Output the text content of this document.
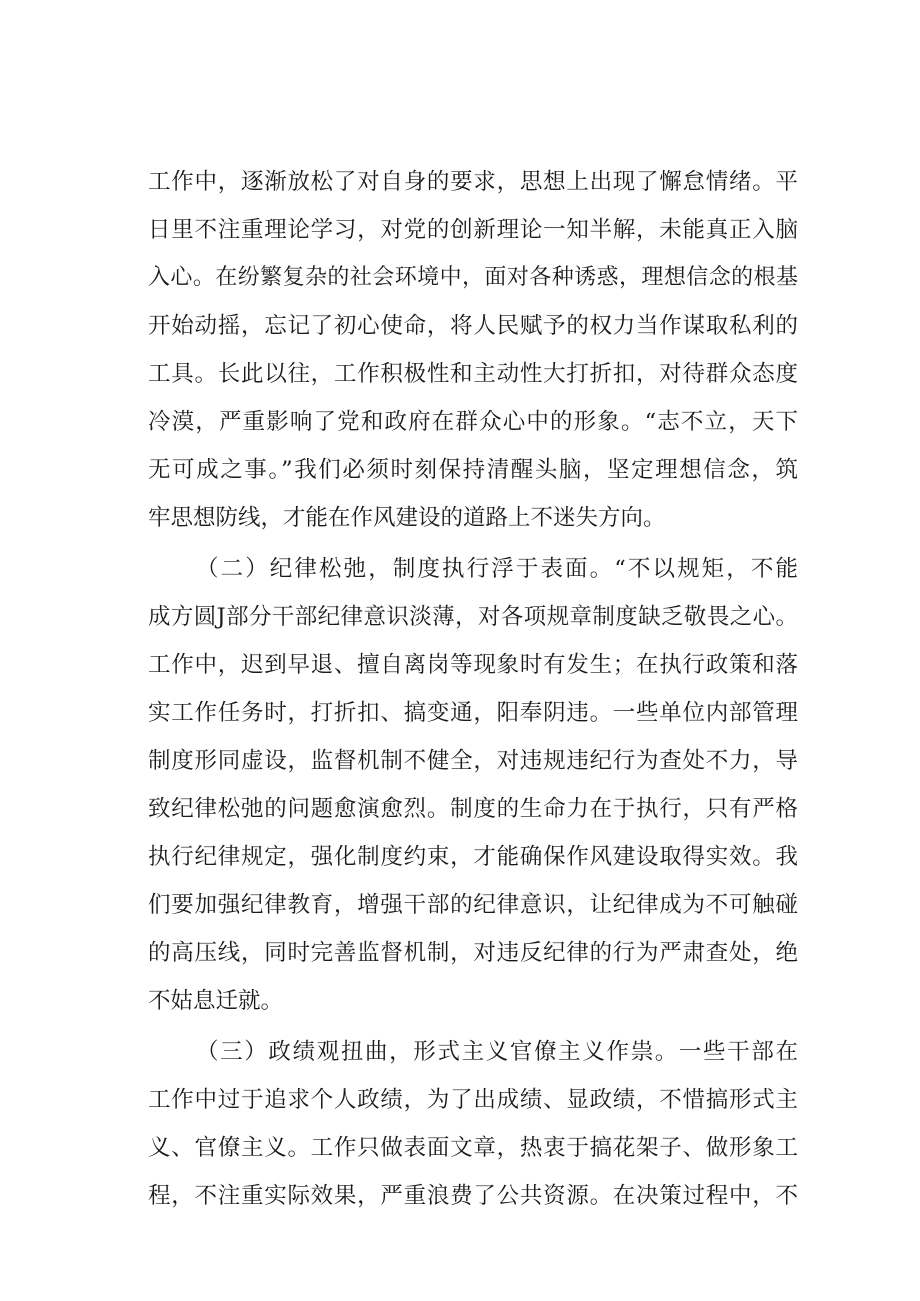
工作中，逐渐放松了对自身的要求，思想上出现了懈怠情绪。平
日里不注重理论学习，对党的创新理论一知半解，未能真正入脑
入心。在纷繁复杂的社会环境中，面对各种诱惑，理想信念的根基
开始动摇，忘记了初心使命，将人民赋予的权力当作谋取私利的
工具。长此以往，工作积极性和主动性大打折扣，对待群众态度
冷漠，严重影响了党和政府在群众心中的形象。“志不立，天下
无可成之事。”我们必须时刻保持清醒头脑，坚定理想信念，筑
牢思想防线，才能在作风建设的道路上不迷失方向。
（二）纪律松弛，制度执行浮于表面。“不以规矩，不能
成方圆J部分干部纪律意识淡薄，对各项规章制度缺乏敬畏之心。
工作中，迟到早退、擅自离岗等现象时有发生；在执行政策和落
实工作任务时，打折扣、搞变通，阳奉阴违。一些单位内部管理
制度形同虚设，监督机制不健全，对违规违纪行为查处不力，导
致纪律松弛的问题愈演愈烈。制度的生命力在于执行，只有严格
执行纪律规定，强化制度约束，才能确保作风建设取得实效。我
们要加强纪律教育，增强干部的纪律意识，让纪律成为不可触碰
的高压线，同时完善监督机制，对违反纪律的行为严肃查处，绝
不姑息迁就。
（三）政绩观扭曲，形式主义官僚主义作祟。一些干部在
工作中过于追求个人政绩，为了出成绩、显政绩，不惜搞形式主
义、官僚主义。工作只做表面文章，热衷于搞花架子、做形象工
程，不注重实际效果，严重浪费了公共资源。在决策过程中，不
